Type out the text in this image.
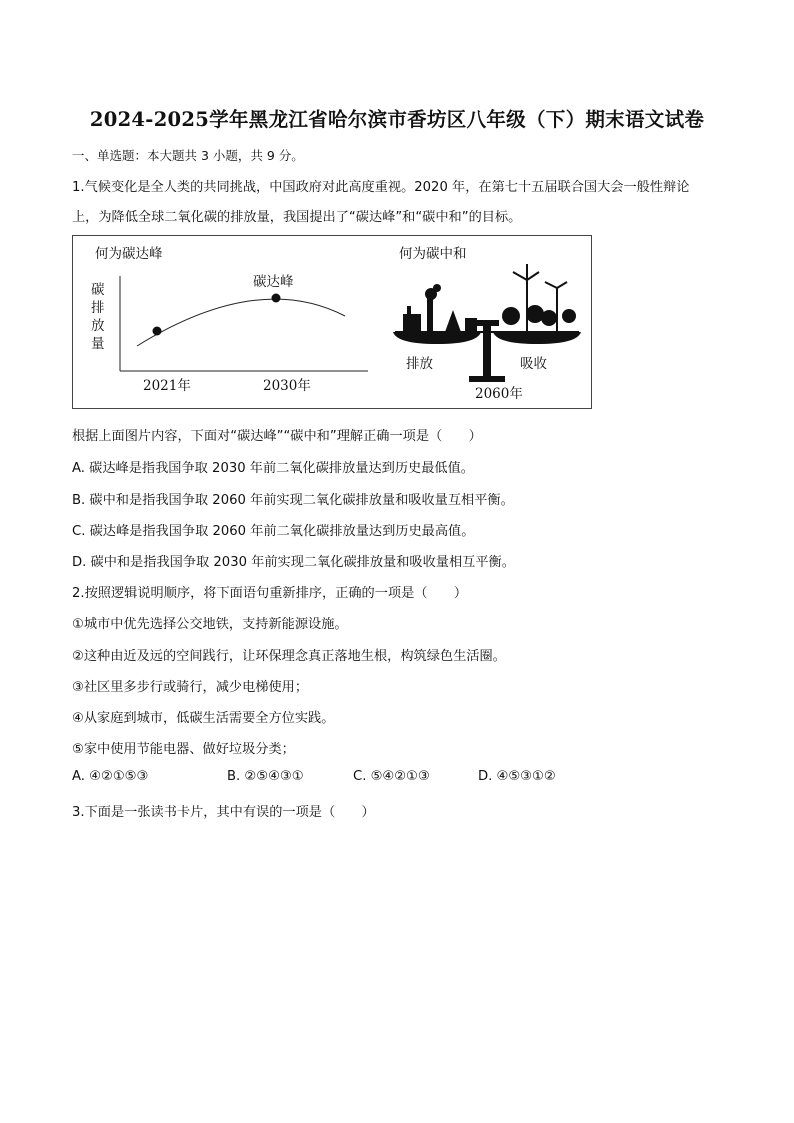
2024-2025学年黑龙江省哈尔滨市香坊区八年级（下）期末语文试卷
一、单选题：本大题共 3 小题，共 9 分。
1.气候变化是全人类的共同挑战，中国政府对此高度重视。2020 年，在第七十五届联合国大会一般性辩论
上，为降低全球二氧化碳的排放量，我国提出了“碳达峰”和“碳中和”的目标。
何为碳达峰
碳
排
放
量
碳达峰
2021年	2030年
何为碳中和
排放	吸收
2060年
根据上面图片内容，下面对“碳达峰”“碳中和”理解正确一项是（　　）
A. 碳达峰是指我国争取 2030 年前二氧化碳排放量达到历史最低值。
B. 碳中和是指我国争取 2060 年前实现二氧化碳排放量和吸收量互相平衡。
C. 碳达峰是指我国争取 2060 年前二氧化碳排放量达到历史最高值。
D. 碳中和是指我国争取 2030 年前实现二氧化碳排放量和吸收量相互平衡。
2.按照逻辑说明顺序，将下面语句重新排序，正确的一项是（　　）
①城市中优先选择公交地铁，支持新能源设施。
②这种由近及远的空间践行，让环保理念真正落地生根，构筑绿色生活圈。
③社区里多步行或骑行，减少电梯使用；
④从家庭到城市，低碳生活需要全方位实践。
⑤家中使用节能电器、做好垃圾分类；
A. ④②①⑤③	B. ②⑤④③①	C. ⑤④②①③	D. ④⑤③①②
3.下面是一张读书卡片，其中有误的一项是（　　）
